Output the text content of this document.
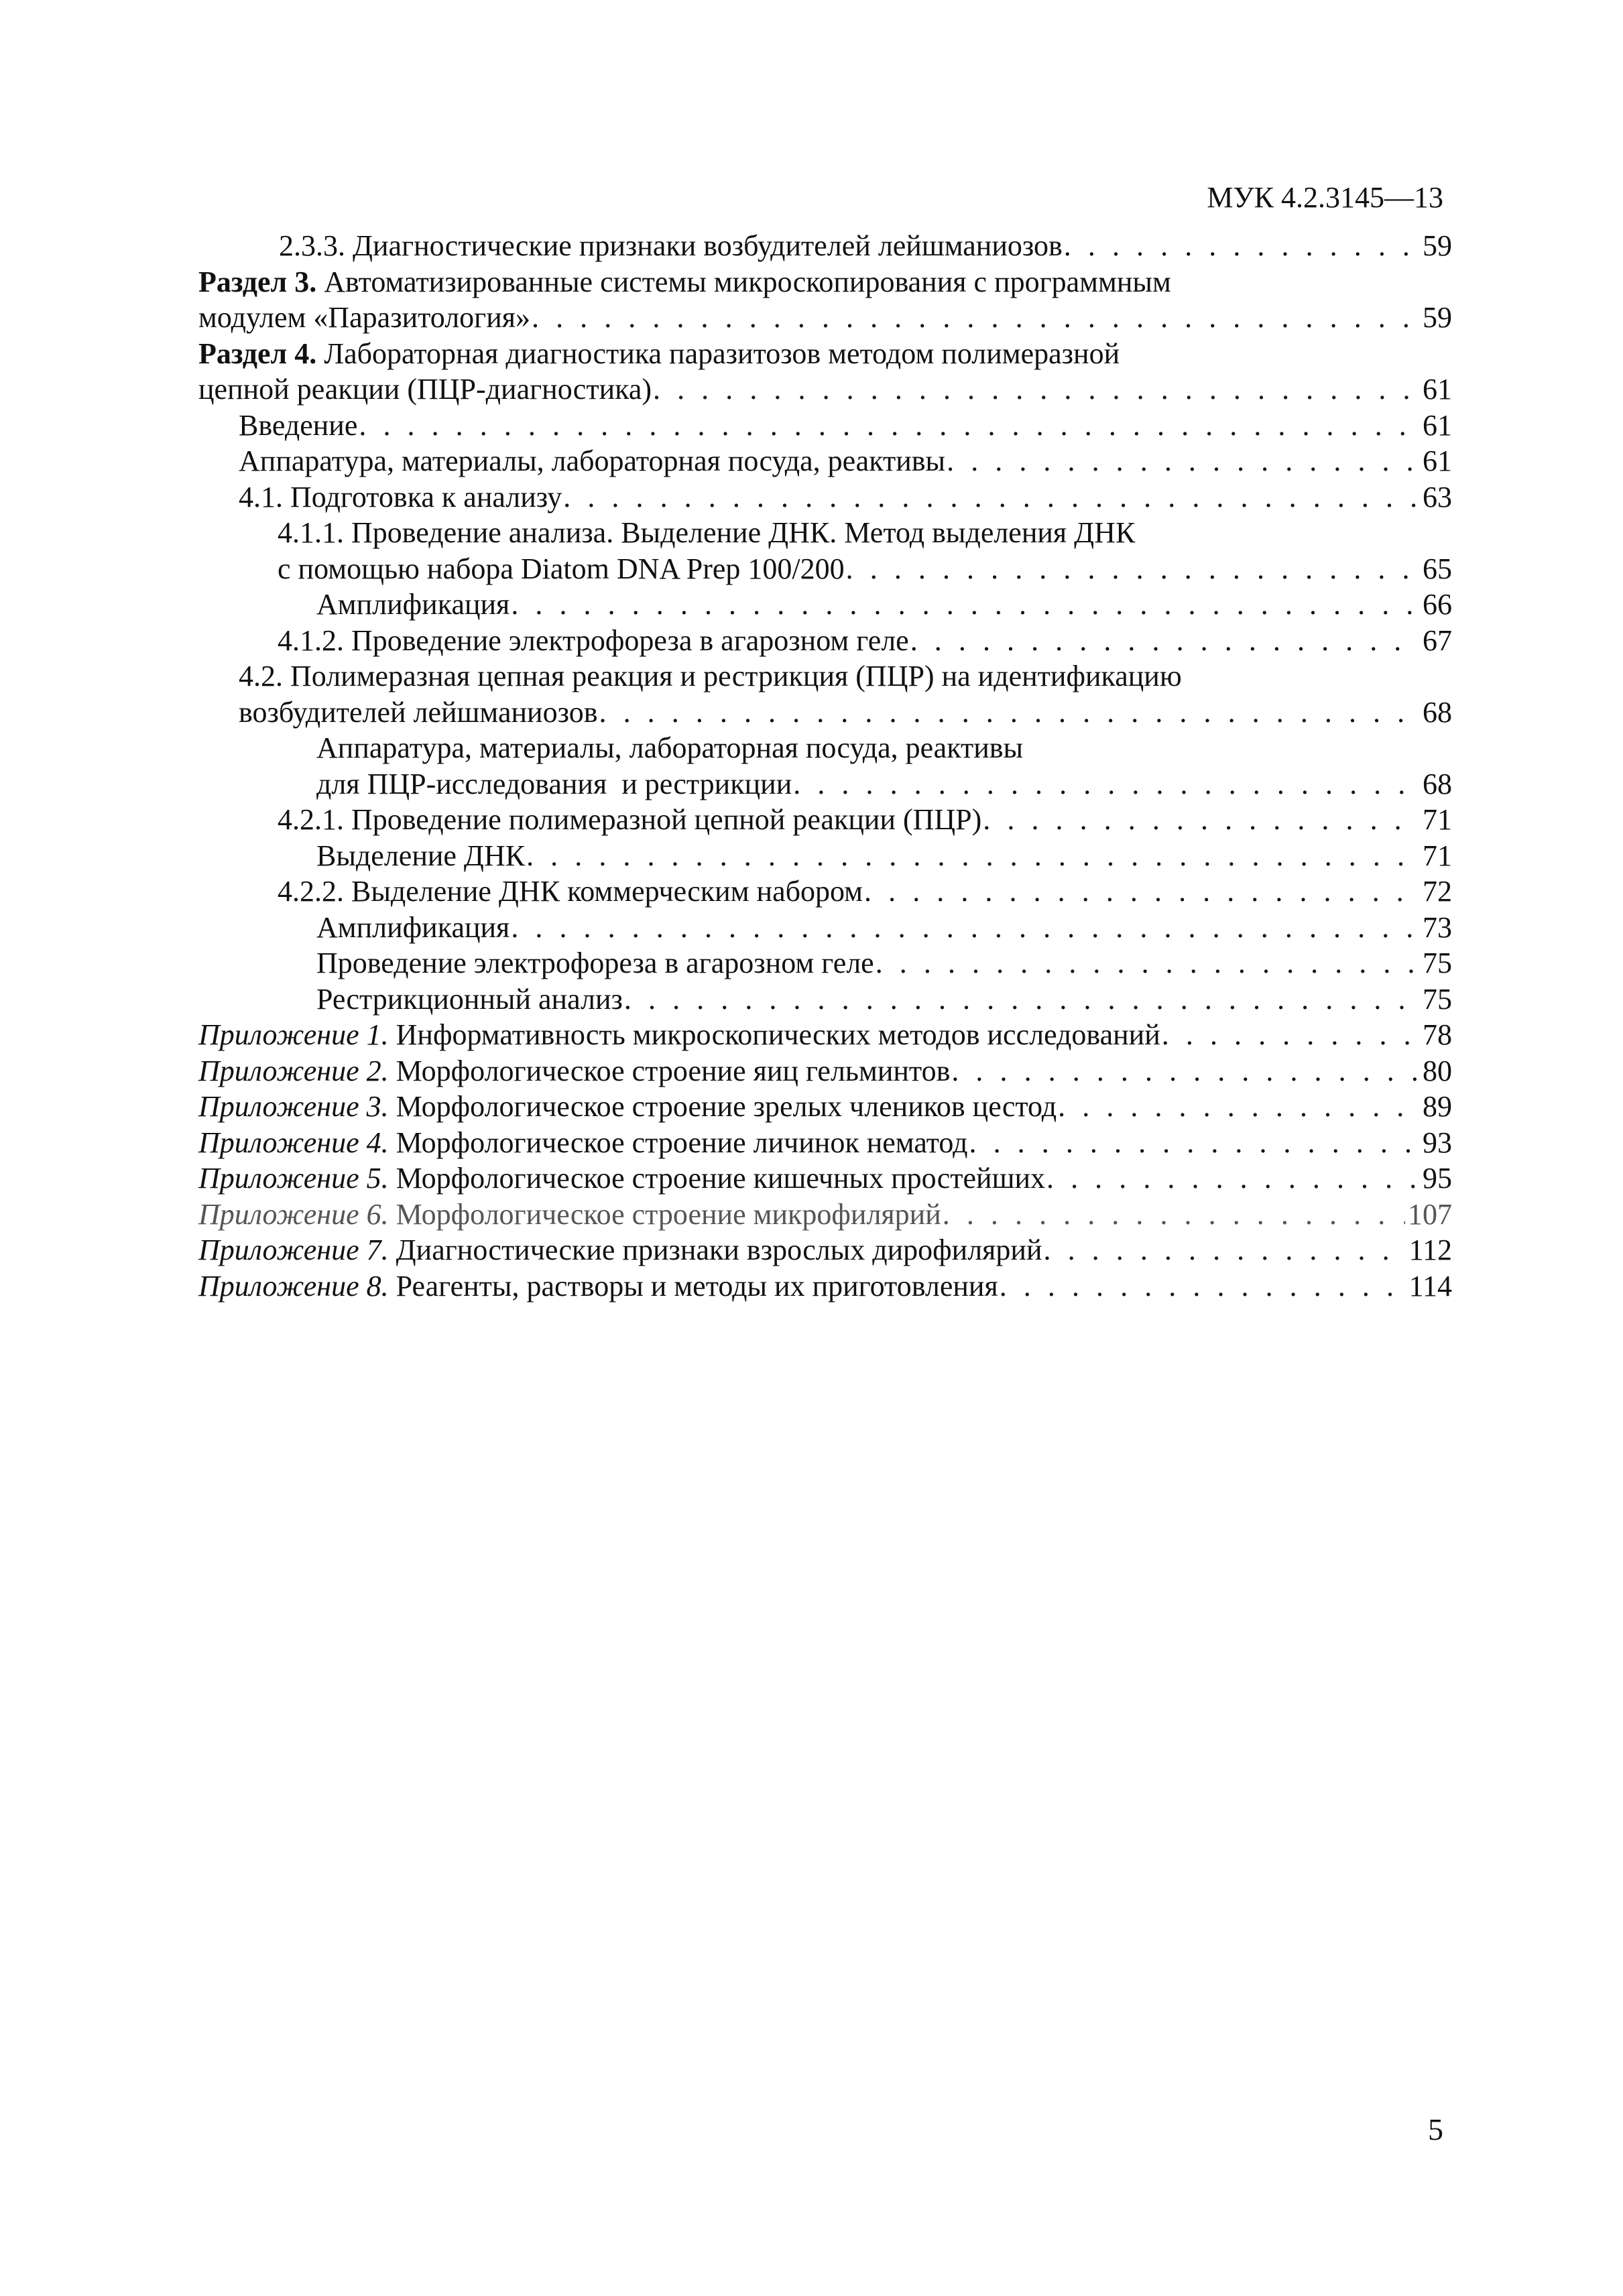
МУК 4.2.3145—13
2.3.3. Диагностические признаки возбудителей лейшманиозов . . .	59
Раздел 3. Автоматизированные системы микроскопирования с программным
модулем «Паразитология» . . .	59
Раздел 4. Лабораторная диагностика паразитозов методом полимеразной
цепной реакции (ПЦР-диагностика) . . .	61
Введение . . .	61
Аппаратура, материалы, лабораторная посуда, реактивы . . .	61
4.1. Подготовка к анализу . . .	63
4.1.1. Проведение анализа. Выделение ДНК. Метод выделения ДНК
с помощью набора Diatom DNA Prep 100/200 . . .	65
Амплификация . . .	66
4.1.2. Проведение электрофореза в агарозном геле . . .	67
4.2. Полимеразная цепная реакция и рестрикция (ПЦР) на идентификацию
возбудителей лейшманиозов . . .	68
Аппаратура, материалы, лабораторная посуда, реактивы
для ПЦР-исследования  и рестрикции . . .	68
4.2.1. Проведение полимеразной цепной реакции (ПЦР) . . .	71
Выделение ДНК . . .	71
4.2.2. Выделение ДНК коммерческим набором . . .	72
Амплификация . . .	73
Проведение электрофореза в агарозном геле . . .	75
Рестрикционный анализ . . .	75
Приложение 1. Информативность микроскопических методов исследований . . .	78
Приложение 2. Морфологическое строение яиц гельминтов . . .	80
Приложение 3. Морфологическое строение зрелых члеников цестод . . .	89
Приложение 4. Морфологическое строение личинок нематод . . .	93
Приложение 5. Морфологическое строение кишечных простейших . . .	95
Приложение 6. Морфологическое строение микрофилярий . . .	107
Приложение 7. Диагностические признаки взрослых дирофилярий . . .	112
Приложение 8. Реагенты, растворы и методы их приготовления . . .	114
5
